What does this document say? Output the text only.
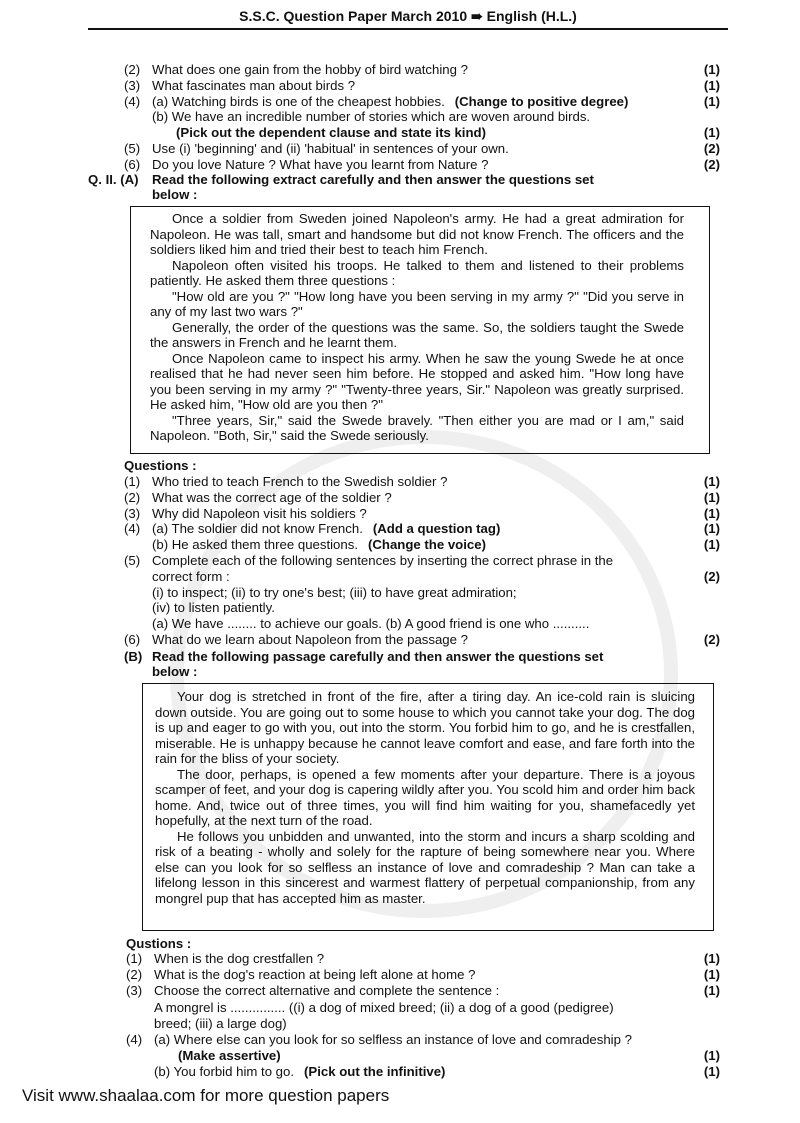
S.S.C. Question Paper March 2010 ➠ English (H.L.)
(2) What does one gain from the hobby of bird watching ?	(1)
(3) What fascinates man about birds ?	(1)
(4) (a) Watching birds is one of the cheapest hobbies. (Change to positive degree)	(1)
(b) We have an incredible number of stories which are woven around birds.
(Pick out the dependent clause and state its kind)	(1)
(5) Use (i) 'beginning' and (ii) 'habitual' in sentences of your own.	(2)
(6) Do you love Nature ? What have you learnt from Nature ?	(2)
Q. II. (A) Read the following extract carefully and then answer the questions set
below :

Once a soldier from Sweden joined Napoleon's army. He had a great admiration for Napoleon. He was tall, smart and handsome but did not know French. The officers and the soldiers liked him and tried their best to teach him French.

Napoleon often visited his troops. He talked to them and listened to their problems patiently. He asked them three questions :

"How old are you ?" "How long have you been serving in my army ?" "Did you serve in any of my last two wars ?"

Generally, the order of the questions was the same. So, the soldiers taught the Swede the answers in French and he learnt them.

Once Napoleon came to inspect his army. When he saw the young Swede he at once realised that he had never seen him before. He stopped and asked him. "How long have you been serving in my army ?" "Twenty-three years, Sir." Napoleon was greatly surprised. He asked him, "How old are you then ?"

"Three years, Sir," said the Swede bravely. "Then either you are mad or I am," said Napoleon. "Both, Sir," said the Swede seriously.

Questions :
(1) Who tried to teach French to the Swedish soldier ?	(1)
(2) What was the correct age of the soldier ?	(1)
(3) Why did Napoleon visit his soldiers ?	(1)
(4) (a) The soldier did not know French. (Add a question tag)	(1)
(b) He asked them three questions. (Change the voice)	(1)
(5) Complete each of the following sentences by inserting the correct phrase in the
correct form :	(2)
(i) to inspect; (ii) to try one's best; (iii) to have great admiration;
(iv) to listen patiently.
(a) We have ........ to achieve our goals. (b) A good friend is one who ..........
(6) What do we learn about Napoleon from the passage ?	(2)
(B) Read the following passage carefully and then answer the questions set
below :

Your dog is stretched in front of the fire, after a tiring day. An ice-cold rain is sluicing down outside. You are going out to some house to which you cannot take your dog. The dog is up and eager to go with you, out into the storm. You forbid him to go, and he is crestfallen, miserable. He is unhappy because he cannot leave comfort and ease, and fare forth into the rain for the bliss of your society.

The door, perhaps, is opened a few moments after your departure. There is a joyous scamper of feet, and your dog is capering wildly after you. You scold him and order him back home. And, twice out of three times, you will find him waiting for you, shamefacedly yet hopefully, at the next turn of the road.

He follows you unbidden and unwanted, into the storm and incurs a sharp scolding and risk of a beating - wholly and solely for the rapture of being somewhere near you. Where else can you look for so selfless an instance of love and comradeship ? Man can take a lifelong lesson in this sincerest and warmest flattery of perpetual companionship, from any mongrel pup that has accepted him as master.

Qustions :
(1) When is the dog crestfallen ?	(1)
(2) What is the dog's reaction at being left alone at home ?	(1)
(3) Choose the correct alternative and complete the sentence :	(1)
A mongrel is ............... ((i) a dog of mixed breed; (ii) a dog of a good (pedigree)
breed; (iii) a large dog)
(4) (a) Where else can you look for so selfless an instance of love and comradeship ?
(Make assertive)	(1)
(b) You forbid him to go. (Pick out the infinitive)	(1)
Visit www.shaalaa.com for more question papers
